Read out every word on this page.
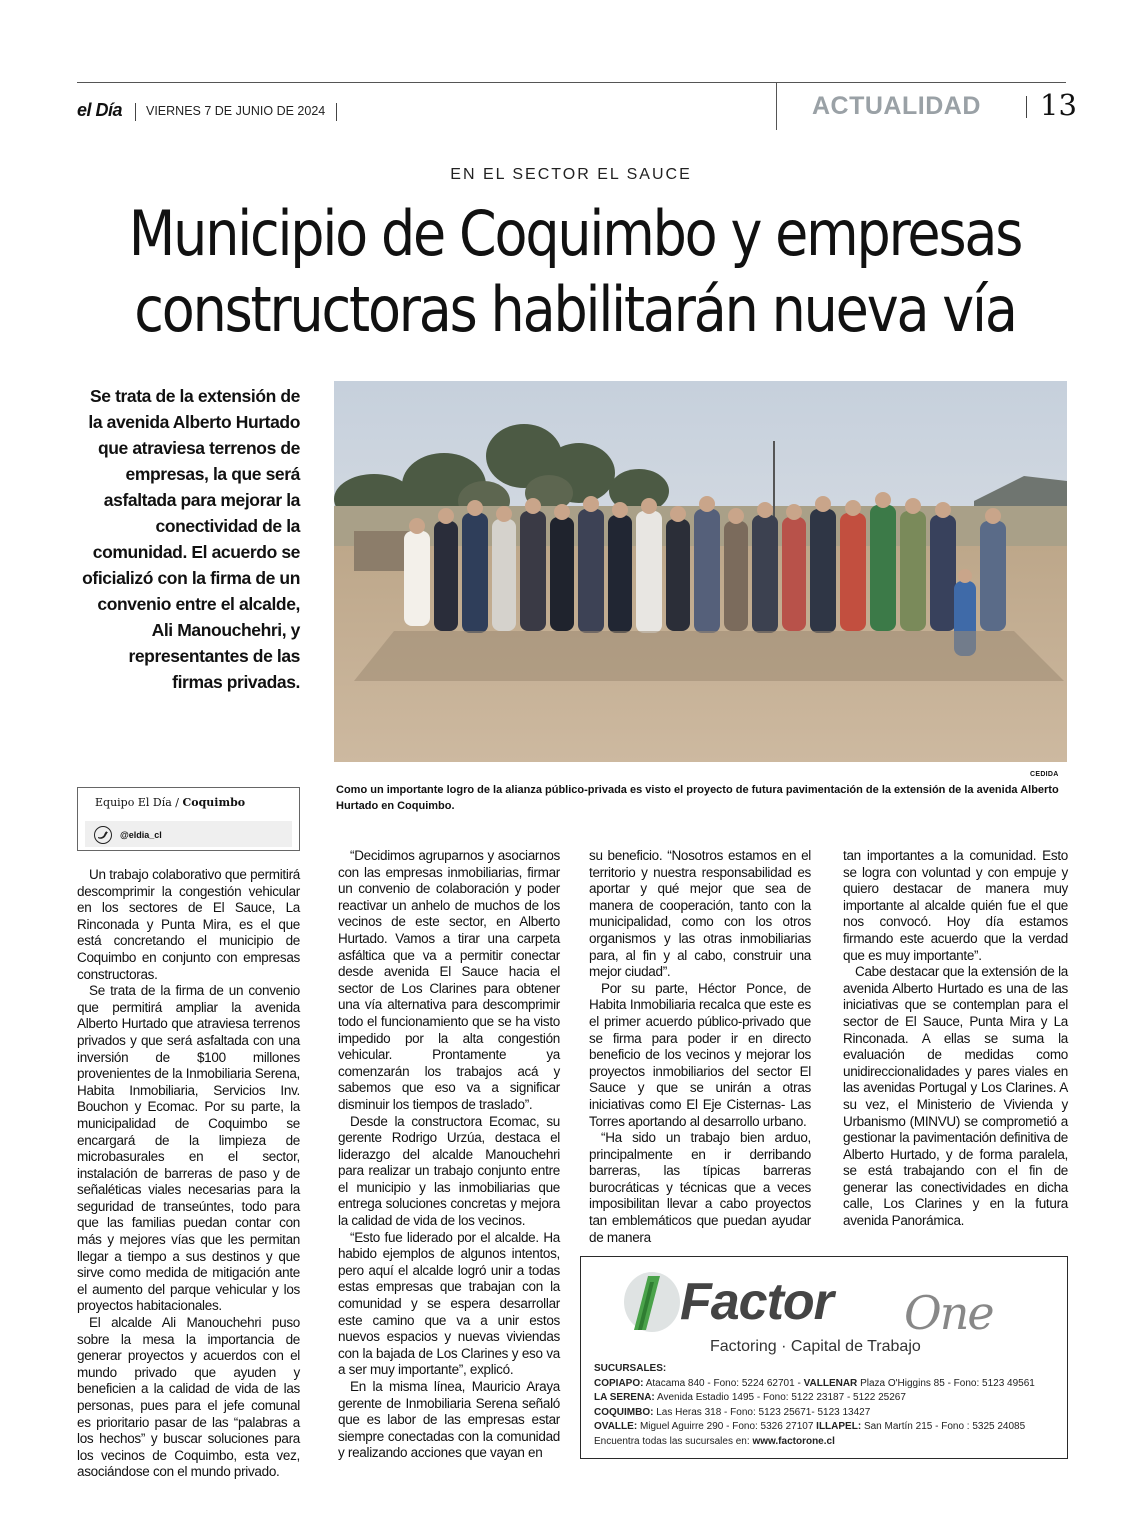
el Día VIERNES 7 DE JUNIO DE 2024	ACTUALIDAD 13
EN EL SECTOR EL SAUCE
Municipio de Coquimbo y empresas
constructoras habilitarán nueva vía
Se trata de la extensión de la avenida Alberto Hurtado que atraviesa terrenos de empresas, la que será asfaltada para mejorar la conectividad de la comunidad. El acuerdo se oficializó con la firma de un convenio entre el alcalde, Ali Manouchehri, y representantes de las firmas privadas.
CEDIDA
Como un importante logro de la alianza público-privada es visto el proyecto de futura pavimentación de la extensión de la avenida Alberto Hurtado en Coquimbo.
Equipo El Día / Coquimbo
@eldia_cl

Un trabajo colaborativo que permitirá descomprimir la congestión vehicular en los sectores de El Sauce, La Rinconada y Punta Mira, es el que está concretando el municipio de Coquimbo en conjunto con empresas constructoras.

Se trata de la firma de un convenio que permitirá ampliar la avenida Alberto Hurtado que atraviesa terrenos privados y que será asfaltada con una inversión de $100 millones provenientes de la Inmobiliaria Serena, Habita Inmobiliaria, Servicios Inv. Bouchon y Ecomac. Por su parte, la municipalidad de Coquimbo se encargará de la limpieza de microbasurales en el sector, instalación de barreras de paso y de señaléticas viales necesarias para la seguridad de transeúntes, todo para que las familias puedan contar con más y mejores vías que les permitan llegar a tiempo a sus destinos y que sirve como medida de mitigación ante el aumento del parque vehicular y los proyectos habitacionales.

El alcalde Ali Manouchehri puso sobre la mesa la importancia de generar proyectos y acuerdos con el mundo privado que ayuden y beneficien a la calidad de vida de las personas, pues para el jefe comunal es prioritario pasar de las “palabras a los hechos” y buscar soluciones para los vecinos de Coquimbo, esta vez, asociándose con el mundo privado.

“Decidimos agruparnos y asociarnos con las empresas inmobiliarias, firmar un convenio de colaboración y poder reactivar un anhelo de muchos de los vecinos de este sector, en Alberto Hurtado. Vamos a tirar una carpeta asfáltica que va a permitir conectar desde avenida El Sauce hacia el sector de Los Clarines para obtener una vía alternativa para descomprimir todo el funcionamiento que se ha visto impedido por la alta congestión vehicular. Prontamente ya comenzarán los trabajos acá y sabemos que eso va a significar disminuir los tiempos de traslado”.

Desde la constructora Ecomac, su gerente Rodrigo Urzúa, destaca el liderazgo del alcalde Manouchehri para realizar un trabajo conjunto entre el municipio y las inmobiliarias que entrega soluciones concretas y mejora la calidad de vida de los vecinos.

“Esto fue liderado por el alcalde. Ha habido ejemplos de algunos intentos, pero aquí el alcalde logró unir a todas estas empresas que trabajan con la comunidad y se espera desarrollar este camino que va a unir estos nuevos espacios y nuevas viviendas con la bajada de Los Clarines y eso va a ser muy importante”, explicó.

En la misma línea, Mauricio Araya gerente de Inmobiliaria Serena señaló que es labor de las empresas estar siempre conectadas con la comunidad y realizando acciones que vayan en

su beneficio. “Nosotros estamos en el territorio y nuestra responsabilidad es aportar y qué mejor que sea de manera de cooperación, tanto con la municipalidad, como con los otros organismos y las otras inmobiliarias para, al fin y al cabo, construir una mejor ciudad”.

Por su parte, Héctor Ponce, de Habita Inmobiliaria recalca que este es el primer acuerdo público-privado que se firma para poder ir en directo beneficio de los vecinos y mejorar los proyectos inmobiliarios del sector El Sauce y que se unirán a otras iniciativas como El Eje Cisternas- Las Torres aportando al desarrollo urbano.

“Ha sido un trabajo bien arduo, principalmente en ir derribando barreras, las típicas barreras burocráticas y técnicas que a veces imposibilitan llevar a cabo proyectos tan emblemáticos que puedan ayudar de manera

tan importantes a la comunidad. Esto se logra con voluntad y con empuje y quiero destacar de manera muy importante al alcalde quién fue el que nos convocó. Hoy día estamos firmando este acuerdo que la verdad que es muy importante”.

Cabe destacar que la extensión de la avenida Alberto Hurtado es una de las iniciativas que se contemplan para el sector de El Sauce, Punta Mira y La Rinconada. A ellas se suma la evaluación de medidas como unidireccionalidades y pares viales en las avenidas Portugal y Los Clarines. A su vez, el Ministerio de Vivienda y Urbanismo (MINVU) se comprometió a gestionar la pavimentación definitiva de Alberto Hurtado, y de forma paralela, se está trabajando con el fin de generar las conectividades en dicha calle, Los Clarines y en la futura avenida Panorámica.

Factor One
Factoring · Capital de Trabajo
SUCURSALES:
COPIAPO: Atacama 840 - Fono: 5224 62701 - VALLENAR Plaza O'Higgins 85 - Fono: 5123 49561
LA SERENA: Avenida Estadio 1495 - Fono: 5122 23187 - 5122 25267
COQUIMBO: Las Heras 318 - Fono: 5123 25671- 5123 13427
OVALLE: Miguel Aguirre 290 - Fono: 5326 27107 ILLAPEL: San Martín 215 - Fono : 5325 24085
Encuentra todas las sucursales en: www.factorone.cl
